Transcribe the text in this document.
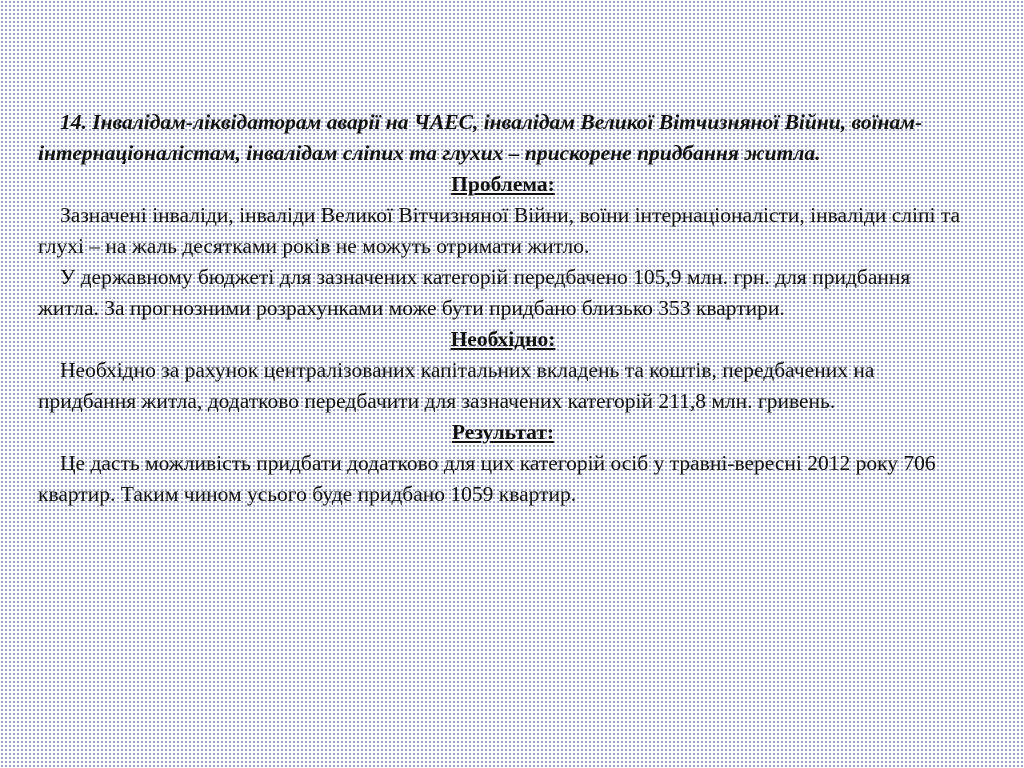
14. Інвалідам-ліквідаторам аварії на ЧАЕС, інвалідам Великої Вітчизняної Війни, воїнам-інтернаціоналістам, інвалідам сліпих та глухих – прискорене придбання житла.

Проблема:

Зазначені інваліди, інваліди Великої Вітчизняної Війни, воїни інтернаціоналісти, інваліди сліпі та глухі – на жаль десятками років не можуть отримати житло.

У державному бюджеті для зазначених категорій передбачено 105,9 млн. грн. для придбання житла. За прогнозними розрахунками може бути придбано близько 353 квартири.

Необхідно:

Необхідно за рахунок централізованих капітальних вкладень та коштів, передбачених на придбання житла, додатково передбачити для зазначених категорій 211,8 млн. гривень.

Результат:

Це дасть можливість придбати додатково для цих категорій осіб у травні-вересні 2012 року 706 квартир. Таким чином усього буде придбано 1059 квартир.
